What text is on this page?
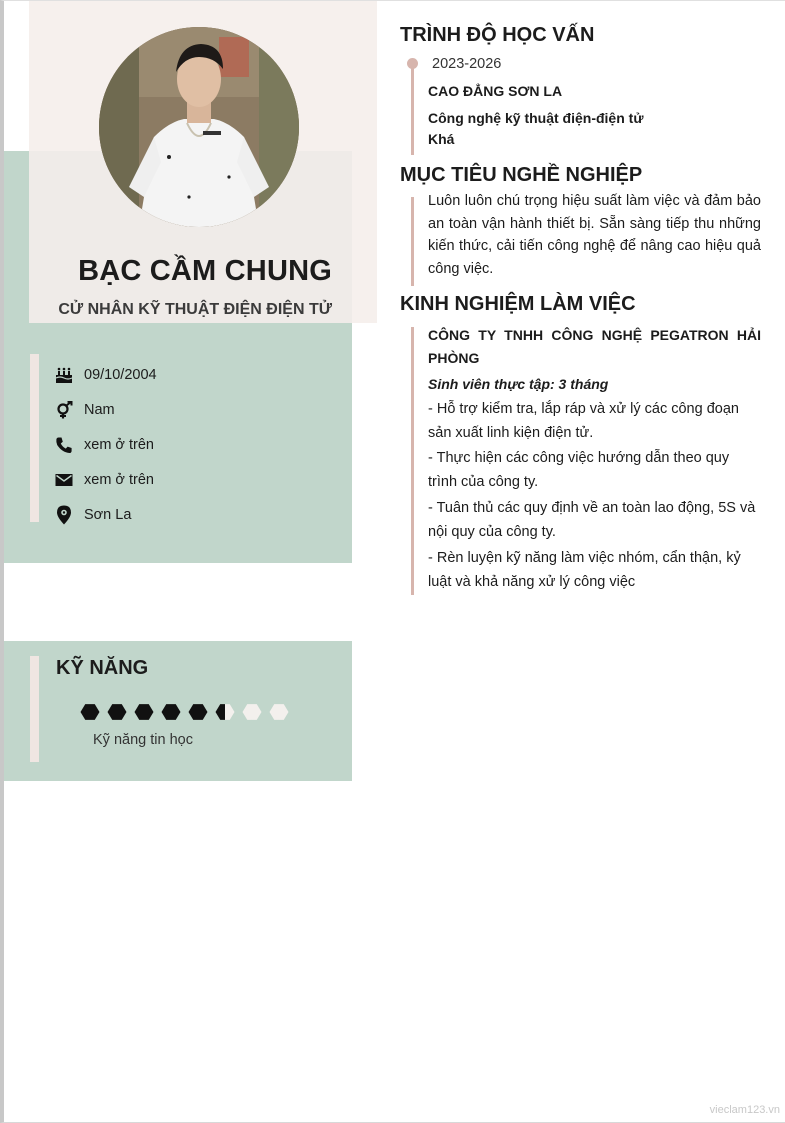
BẠC CẦM CHUNG
CỬ NHÂN KỸ THUẬT ĐIỆN ĐIỆN TỬ
09/10/2004
Nam
xem ở trên
xem ở trên
Sơn La
KỸ NĂNG
Kỹ năng tin học
TRÌNH ĐỘ HỌC VẤN
2023-2026
CAO ĐẲNG SƠN LA
Công nghệ kỹ thuật điện-điện tử
Khá
MỤC TIÊU NGHỀ NGHIỆP
Luôn luôn chú trọng hiệu suất làm việc và đảm bảo an toàn vận hành thiết bị. Sẵn sàng tiếp thu những kiến thức, cải tiến công nghệ để nâng cao hiệu quả công việc.
KINH NGHIỆM LÀM VIỆC
CÔNG TY TNHH CÔNG NGHỆ PEGATRON HẢI PHÒNG
Sinh viên thực tập: 3 tháng
- Hỗ trợ kiểm tra, lắp ráp và xử lý các công đoạn sản xuất linh kiện điện tử.
- Thực hiện các công việc hướng dẫn theo quy trình của công ty.
- Tuân thủ các quy định về an toàn lao động, 5S và nội quy của công ty.
- Rèn luyện kỹ năng làm việc nhóm, cẩn thận, kỷ luật và khả năng xử lý công việc
vieclam123.vn
